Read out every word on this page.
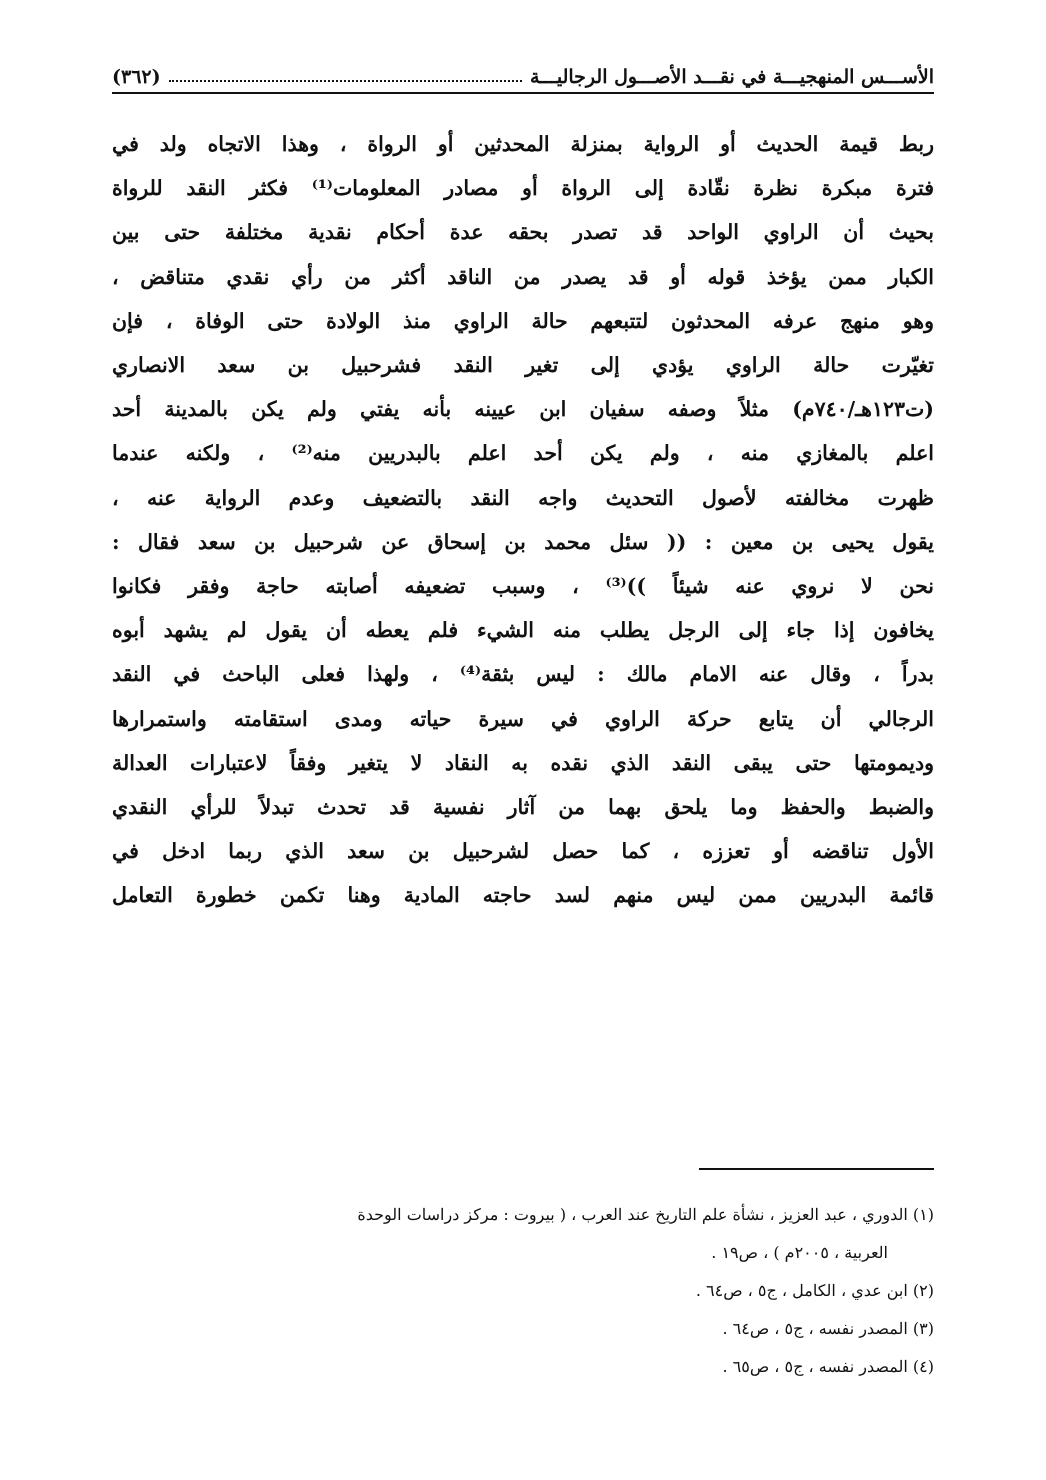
(٣٦٢)	الأســـس المنهجيـــة في نقـــد الأصـــول الرجاليـــة
ربط قيمة الحديث أو الرواية بمنزلة المحدثين أو الرواة ، وهذا الاتجاه ولد في
فترة مبكرة نظرة نقّادة إلى الرواة أو مصادر المعلومات⁽¹⁾ فكثر النقد للرواة
بحيث أن الراوي الواحد قد تصدر بحقه عدة أحكام نقدية مختلفة حتى بين
الكبار ممن يؤخذ قوله أو قد يصدر من الناقد أكثر من رأي نقدي متناقض ،
وهو منهج عرفه المحدثون لتتبعهم حالة الراوي منذ الولادة حتى الوفاة ، فإن
تغيّرت حالة الراوي يؤدي إلى تغير النقد فشرحبيل بن سعد الانصاري
(ت١٢٣هـ/٧٤٠م) مثلاً وصفه سفيان ابن عيينه بأنه يفتي ولم يكن بالمدينة أحد
اعلم بالمغازي منه ، ولم يكن أحد اعلم بالبدريين منه⁽²⁾ ، ولكنه عندما
ظهرت مخالفته لأصول التحديث واجه النقد بالتضعيف وعدم الرواية عنه ،
يقول يحيى بن معين : (( سئل محمد بن إسحاق عن شرحبيل بن سعد فقال :
نحن لا نروي عنه شيئاً ))⁽³⁾ ، وسبب تضعيفه أصابته حاجة وفقر فكانوا
يخافون إذا جاء إلى الرجل يطلب منه الشيء فلم يعطه أن يقول لم يشهد أبوه
بدراً ، وقال عنه الامام مالك : ليس بثقة⁽⁴⁾ ، ولهذا فعلى الباحث في النقد
الرجالي أن يتابع حركة الراوي في سيرة حياته ومدى استقامته واستمرارها
وديمومتها حتى يبقى النقد الذي نقده به النقاد لا يتغير وفقاً لاعتبارات العدالة
والضبط والحفظ وما يلحق بهما من آثار نفسية قد تحدث تبدلاً للرأي النقدي
الأول تناقضه أو تعززه ، كما حصل لشرحبيل بن سعد الذي ربما ادخل في
قائمة البدريين ممن ليس منهم لسد حاجته المادية وهنا تكمن خطورة التعامل
(١) الدوري ، عبد العزيز ، نشأة علم التاريخ عند العرب ، ( بيروت : مركز دراسات الوحدة
العربية ، ٢٠٠٥م ) ، ص١٩ .
(٢) ابن عدي ، الكامل ، ج٥ ، ص٦٤ .
(٣) المصدر نفسه ، ج٥ ، ص٦٤ .
(٤) المصدر نفسه ، ج٥ ، ص٦٥ .
